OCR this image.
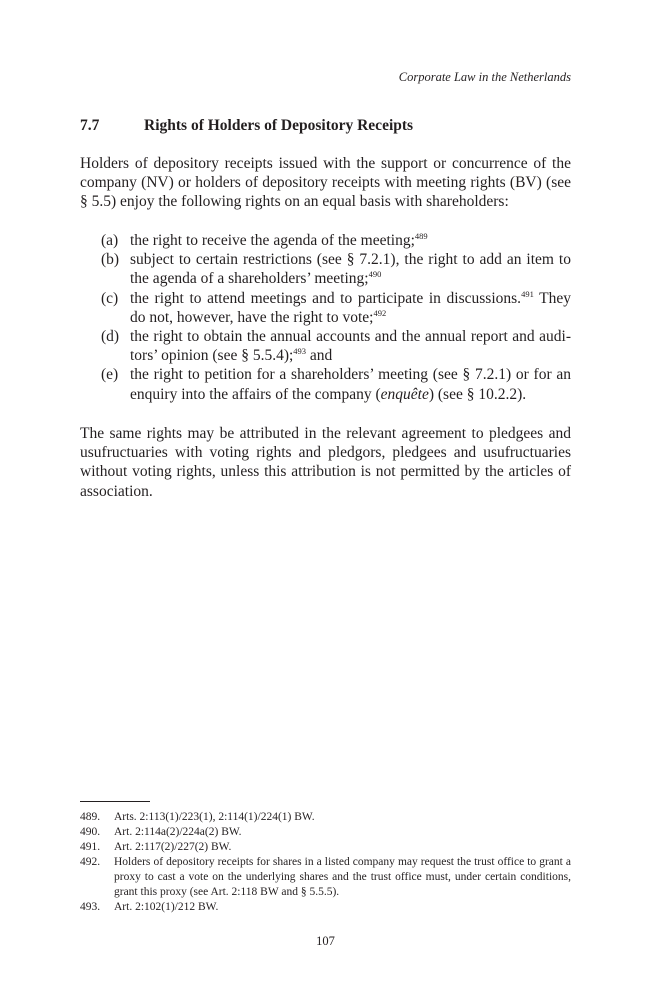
Corporate Law in the Netherlands
7.7	Rights of Holders of Depository Receipts

Holders of depository receipts issued with the support or concurrence of the company (NV) or holders of depository receipts with meeting rights (BV) (see § 5.5) enjoy the following rights on an equal basis with shareholders:

(a) the right to receive the agenda of the meeting;$^{489}$
(b) subject to certain restrictions (see § 7.2.1), the right to add an item to the agenda of a shareholders’ meeting;$^{490}$
(c) the right to attend meetings and to participate in discussions.$^{491}$ They do not, however, have the right to vote;$^{492}$
(d) the right to obtain the annual accounts and the annual report and audi-tors’ opinion (see § 5.5.4);$^{493}$ and
(e) the right to petition for a shareholders’ meeting (see § 7.2.1) or for an enquiry into the affairs of the company (enquête) (see § 10.2.2).

The same rights may be attributed in the relevant agreement to pledgees and usufructuaries with voting rights and pledgors, pledgees and usufructuaries without voting rights, unless this attribution is not permitted by the articles of association.

489. Arts. 2:113(1)/223(1), 2:114(1)/224(1) BW.
490. Art. 2:114a(2)/224a(2) BW.
491. Art. 2:117(2)/227(2) BW.
492. Holders of depository receipts for shares in a listed company may request the trust office to grant a proxy to cast a vote on the underlying shares and the trust office must, under certain conditions, grant this proxy (see Art. 2:118 BW and § 5.5.5).
493. Art. 2:102(1)/212 BW.
107
